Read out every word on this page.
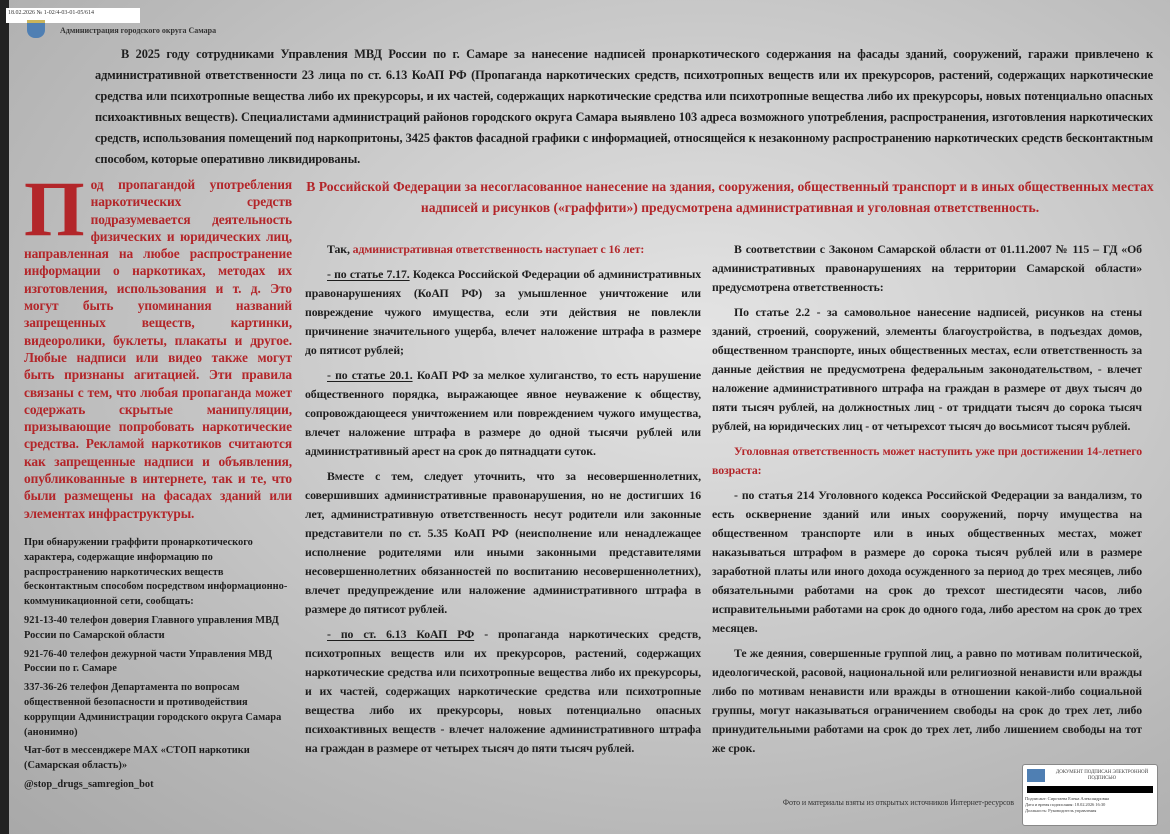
18.02.2026 № 1-02/4-03-01-05/614
Администрация городского округа Самара
В 2025 году сотрудниками Управления МВД России по г. Самаре за нанесение надписей пронаркотического содержания на фасады зданий, сооружений, гаражи привлечено к административной ответственности 23 лица по ст. 6.13 КоАП РФ (Пропаганда наркотических средств, психотропных веществ или их прекурсоров, растений, содержащих наркотические средства или психотропные вещества либо их прекурсоры, и их частей, содержащих наркотические средства или психотропные вещества либо их прекурсоры, новых потенциально опасных психоактивных веществ). Специалистами администраций районов городского округа Самара выявлено 103 адреса возможного употребления, распространения, изготовления наркотических средств, использования помещений под наркопритоны, 3425 фактов фасадной графики с информацией, относящейся к незаконному распространению наркотических средств бесконтактным способом, которые оперативно ликвидированы.
П од пропагандой употребления наркотических средств подразумевается деятельность физических и юридических лиц, направленная на любое распространение информации о наркотиках, методах их изготовления, использования и т. д. Это могут быть упоминания названий запрещенных веществ, картинки, видеоролики, буклеты, плакаты и другое. Любые надписи или видео также могут быть признаны агитацией. Эти правила связаны с тем, что любая пропаганда может содержать скрытые манипуляции, призывающие попробовать наркотические средства. Рекламой наркотиков считаются как запрещенные надписи и объявления, опубликованные в интернете, так и те, что были размещены на фасадах зданий или элементах инфраструктуры.

При обнаружении граффити пронаркотического характера, содержащие информацию по распространению наркотических веществ бесконтактным способом посредством информационно-коммуникационной сети, сообщать:

921-13-40 телефон доверия Главного управления МВД России по Самарской области

921-76-40 телефон дежурной части Управления МВД России по г. Самаре

337-36-26 телефон Департамента по вопросам общественной безопасности и противодействия коррупции Администрации городского округа Самара (анонимно)

Чат-бот в мессенджере МАХ «СТОП наркотики (Самарская область)»

@stop_drugs_samregion_bot

В Российской Федерации за несогласованное нанесение на здания, сооружения, общественный транспорт и в иных общественных местах надписей и рисунков («граффити») предусмотрена административная и уголовная ответственность.

Так, административная ответственность наступает с 16 лет:

- по статье 7.17. Кодекса Российской Федерации об административных правонарушениях (КоАП РФ) за умышленное уничтожение или повреждение чужого имущества, если эти действия не повлекли причинение значительного ущерба, влечет наложение штрафа в размере до пятисот рублей;

- по статье 20.1. КоАП РФ за мелкое хулиганство, то есть нарушение общественного порядка, выражающее явное неуважение к обществу, сопровождающееся уничтожением или повреждением чужого имущества, влечет наложение штрафа в размере до одной тысячи рублей или административный арест на срок до пятнадцати суток.

Вместе с тем, следует уточнить, что за несовершеннолетних, совершивших административные правонарушения, но не достигших 16 лет, административную ответственность несут родители или законные представители по ст. 5.35 КоАП РФ (неисполнение или ненадлежащее исполнение родителями или иными законными представителями несовершеннолетних обязанностей по воспитанию несовершеннолетних), влечет предупреждение или наложение административного штрафа в размере до пятисот рублей.

- по ст. 6.13 КоАП РФ - пропаганда наркотических средств, психотропных веществ или их прекурсоров, растений, содержащих наркотические средства или психотропные вещества либо их прекурсоры, и их частей, содержащих наркотические средства или психотропные вещества либо их прекурсоры, новых потенциально опасных психоактивных веществ - влечет наложение административного штрафа на граждан в размере от четырех тысяч до пяти тысяч рублей.

В соответствии с Законом Самарской области от 01.11.2007 № 115 – ГД «Об административных правонарушениях на территории Самарской области» предусмотрена ответственность:

По статье 2.2 - за самовольное нанесение надписей, рисунков на стены зданий, строений, сооружений, элементы благоустройства, в подъездах домов, общественном транспорте, иных общественных местах, если ответственность за данные действия не предусмотрена федеральным законодательством, - влечет наложение административного штрафа на граждан в размере от двух тысяч до пяти тысяч рублей, на должностных лиц - от тридцати тысяч до сорока тысяч рублей, на юридических лиц - от четырехсот тысяч до восьмисот тысяч рублей.

Уголовная ответственность может наступить уже при достижении 14-летнего возраста:

- по статья 214 Уголовного кодекса Российской Федерации за вандализм, то есть осквернение зданий или иных сооружений, порчу имущества на общественном транспорте или в иных общественных местах, может наказываться штрафом в размере до сорока тысяч рублей или в размере заработной платы или иного дохода осужденного за период до трех месяцев, либо обязательными работами на срок до трехсот шестидесяти часов, либо исправительными работами на срок до одного года, либо арестом на срок до трех месяцев.

Те же деяния, совершенные группой лиц, а равно по мотивам политической, идеологической, расовой, национальной или религиозной ненависти или вражды либо по мотивам ненависти или вражды в отношении какой-либо социальной группы, могут наказываться ограничением свободы на срок до трех лет, либо принудительными работами на срок до трех лет, либо лишением свободы на тот же срок.

Фото и материалы взяты из открытых источников Интернет-ресурсов
ДОКУМЕНТ ПОДПИСАН ЭЛЕКТРОННОЙ ПОДПИСЬЮ
Подписант: Сиротаева Елена Александровна
Дата и время подписания: 18.02.2026 16:30
Должность: Руководитель управления
